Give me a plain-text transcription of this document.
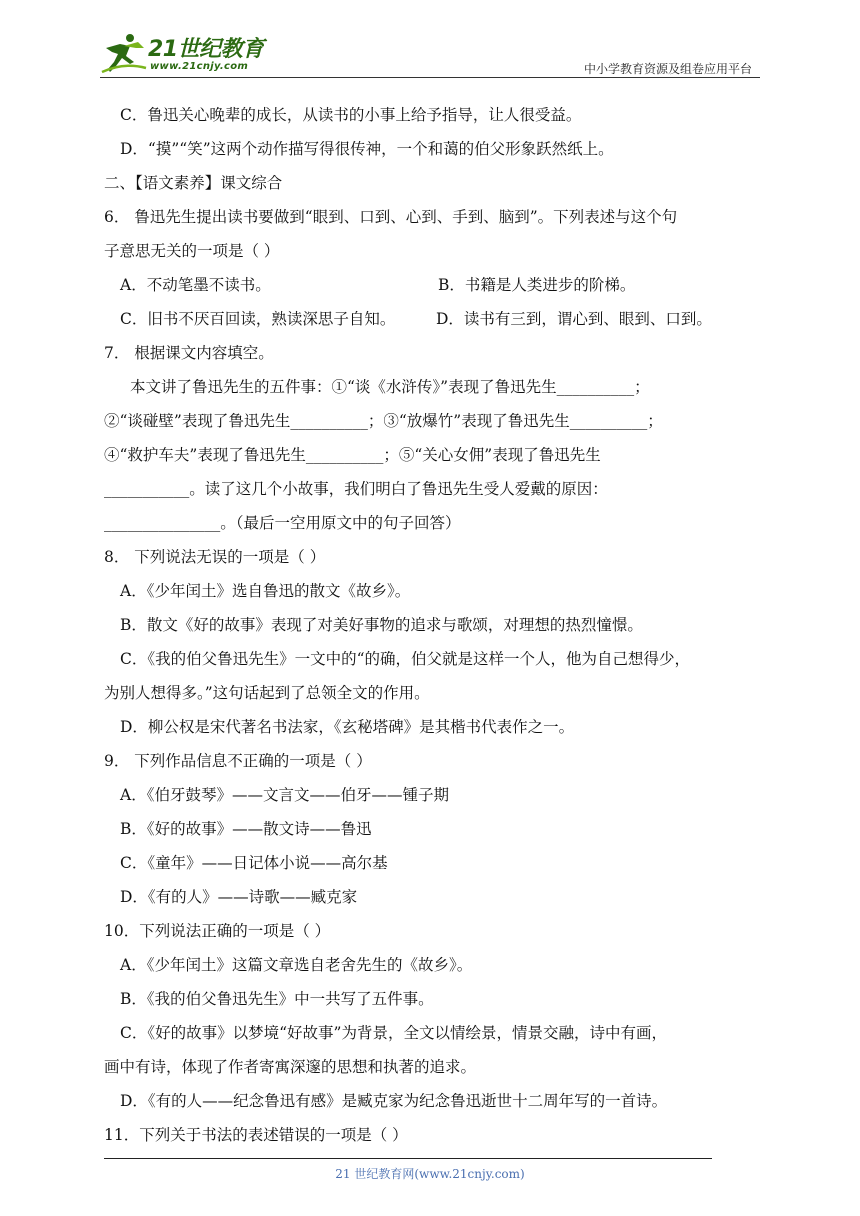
21世纪教育
www.21cnjy.com	中小学教育资源及组卷应用平台
C．鲁迅关心晚辈的成长，从读书的小事上给予指导，让人很受益。
D．“摸”“笑”这两个动作描写得很传神，一个和蔼的伯父形象跃然纸上。
二、【语文素养】课文综合
6． 鲁迅先生提出读书要做到“眼到、口到、心到、手到、脑到”。下列表述与这个句
子意思无关的一项是（ ）
A．不动笔墨不读书。	B．书籍是人类进步的阶梯。
C．旧书不厌百回读，熟读深思子自知。	D．读书有三到，谓心到、眼到、口到。
7． 根据课文内容填空。
本文讲了鲁迅先生的五件事：①“谈《水浒传》”表现了鲁迅先生__________；
②“谈碰壁”表现了鲁迅先生__________；③“放爆竹”表现了鲁迅先生__________；
④“救护车夫”表现了鲁迅先生__________；⑤“关心女佣”表现了鲁迅先生
___________。读了这几个小故事，我们明白了鲁迅先生受人爱戴的原因：
_______________。（最后一空用原文中的句子回答）
8． 下列说法无误的一项是（ ）
A．《少年闰土》选自鲁迅的散文《故乡》。
B．散文《好的故事》表现了对美好事物的追求与歌颂，对理想的热烈憧憬。
C．《我的伯父鲁迅先生》一文中的“的确，伯父就是这样一个人，他为自己想得少，
为别人想得多。”这句话起到了总领全文的作用。
D．柳公权是宋代著名书法家，《玄秘塔碑》是其楷书代表作之一。
9． 下列作品信息不正确的一项是（ ）
A．《伯牙鼓琴》——文言文——伯牙——锺子期
B．《好的故事》——散文诗——鲁迅
C．《童年》——日记体小说——高尔基
D．《有的人》——诗歌——臧克家
10．下列说法正确的一项是（ ）
A．《少年闰土》这篇文章选自老舍先生的《故乡》。
B．《我的伯父鲁迅先生》中一共写了五件事。
C．《好的故事》以梦境“好故事”为背景，全文以情绘景，情景交融，诗中有画，
画中有诗，体现了作者寄寓深邃的思想和执著的追求。
D．《有的人——纪念鲁迅有感》是臧克家为纪念鲁迅逝世十二周年写的一首诗。
11．下列关于书法的表述错误的一项是（ ）
21 世纪教育网(www.21cnjy.com)
